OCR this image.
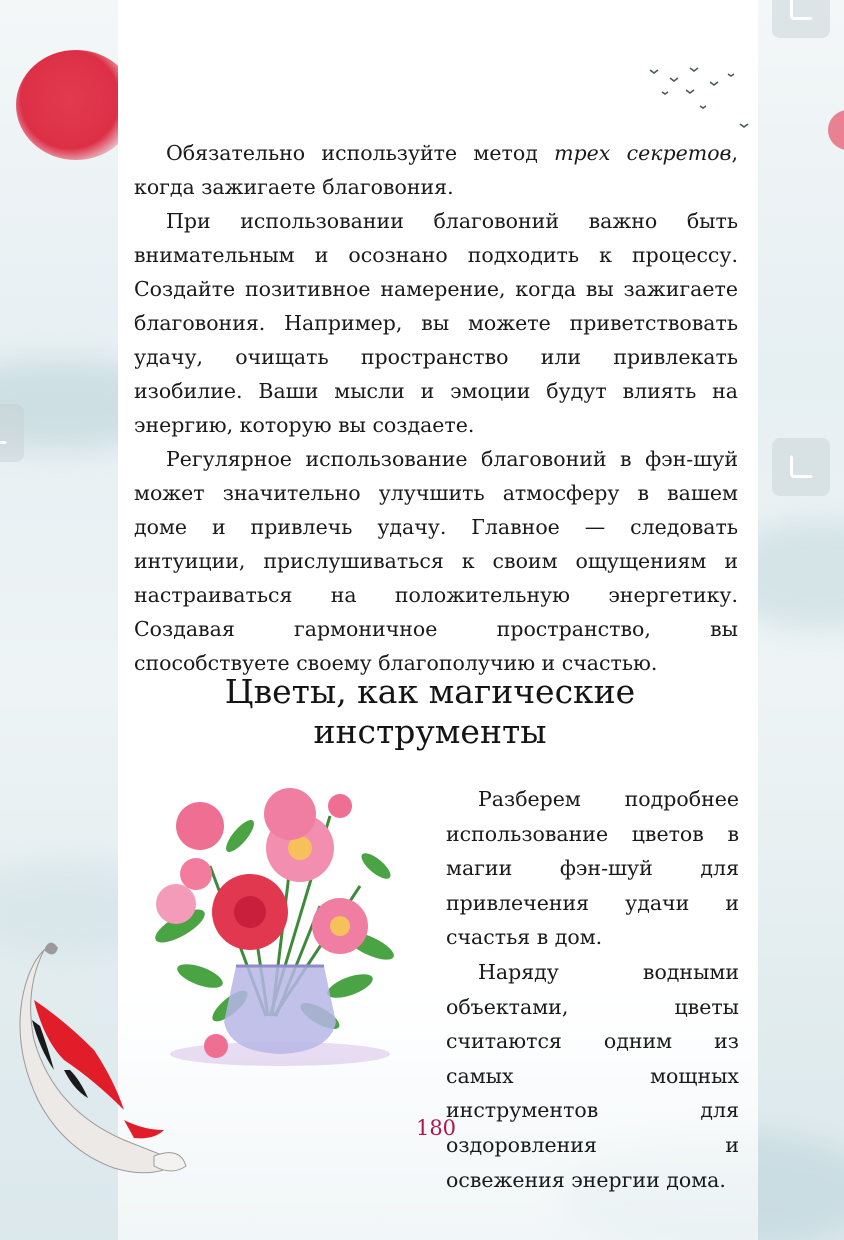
Обязательно используйте метод трех секретов, когда зажигаете благовония.

При использовании благовоний важно быть внимательным и осознано подходить к процессу. Создайте позитивное намерение, когда вы зажигаете благовония. Например, вы можете приветствовать удачу, очищать пространство или привлекать изобилие. Ваши мысли и эмоции будут влиять на энергию, которую вы создаете.

Регулярное использование благовоний в фэн-шуй может значительно улучшить атмосферу в вашем доме и привлечь удачу. Главное — следовать интуиции, прислушиваться к своим ощущениям и настраиваться на положительную энергетику. Создавая гармоничное пространство, вы способствуете своему благополучию и счастью.

Цветы, как магические
инструменты

Разберем подробнее использование цветов в магии фэн-шуй для привлечения удачи и счастья в дом.

Наряду водными объектами, цветы считаются одним из самых мощных инструментов для оздоровления и освежения энергии дома.

180
